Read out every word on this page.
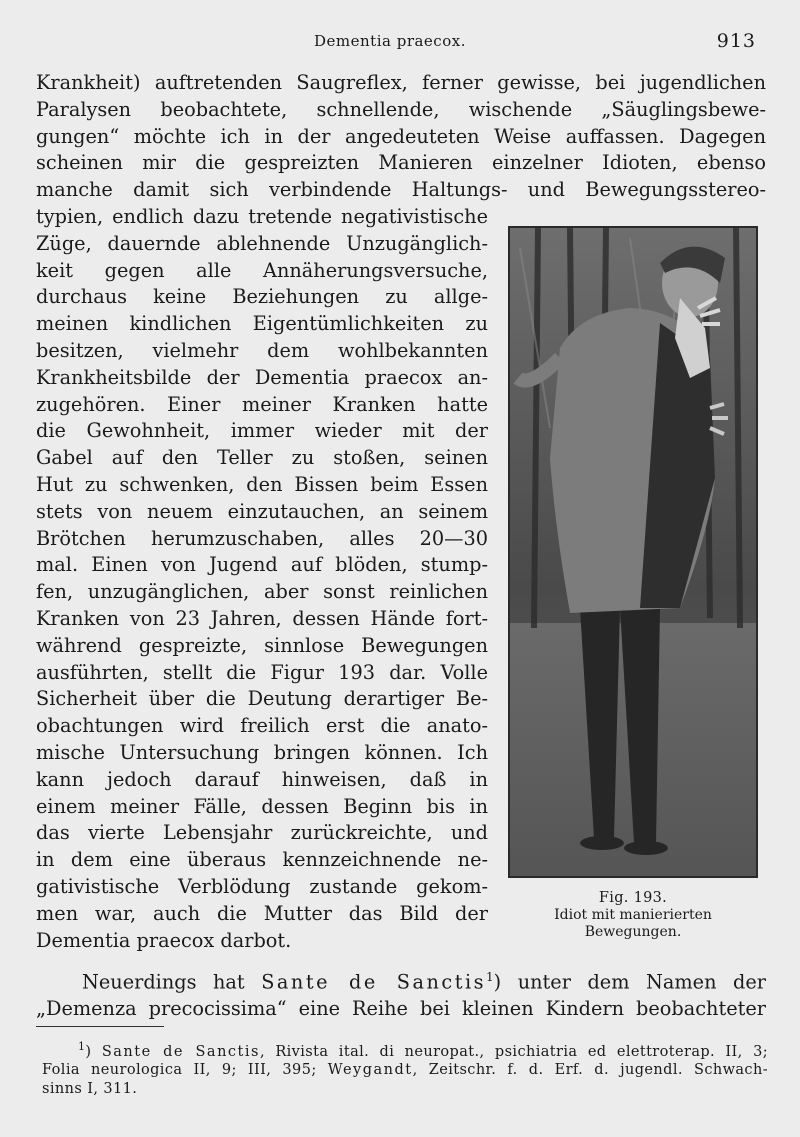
Dementia praecox.	913
Krankheit) auftretenden Saugreflex, ferner gewisse, bei jugendlichen
Paralysen beobachtete, schnellende, wischende „Säuglingsbewe-
gungen“ möchte ich in der angedeuteten Weise auffassen. Dagegen
scheinen mir die gespreizten Manieren einzelner Idioten, ebenso
manche damit sich verbindende Haltungs- und Bewegungsstereo-
typien, endlich dazu tretende negativistische
Züge, dauernde ablehnende Unzugänglich-
keit gegen alle Annäherungsversuche,
durchaus keine Beziehungen zu allge-
meinen kindlichen Eigentümlichkeiten zu
besitzen, vielmehr dem wohlbekannten
Krankheitsbilde der Dementia praecox an-
zugehören. Einer meiner Kranken hatte
die Gewohnheit, immer wieder mit der
Gabel auf den Teller zu stoßen, seinen
Hut zu schwenken, den Bissen beim Essen
stets von neuem einzutauchen, an seinem
Brötchen herumzuschaben, alles 20—30
mal. Einen von Jugend auf blöden, stump-
fen, unzugänglichen, aber sonst reinlichen
Kranken von 23 Jahren, dessen Hände fort-
während gespreizte, sinnlose Bewegungen
ausführten, stellt die Figur 193 dar. Volle
Sicherheit über die Deutung derartiger Be-
obachtungen wird freilich erst die anato-
mische Untersuchung bringen können. Ich
kann jedoch darauf hinweisen, daß in
einem meiner Fälle, dessen Beginn bis in
das vierte Lebensjahr zurückreichte, und
in dem eine überaus kennzeichnende ne-
gativistische Verblödung zustande gekom-
men war, auch die Mutter das Bild der
Dementia praecox darbot.
Fig. 193.
Idiot mit manierierten
Bewegungen.
Neuerdings hat Sante de Sanctis$^1$) unter dem Namen der
„Demenza precocissima“ eine Reihe bei kleinen Kindern beobachteter
$^1$) Sante de Sanctis, Rivista ital. di neuropat., psichiatria ed elettroterap. II, 3;
Folia neurologica II, 9; III, 395; Weygandt, Zeitschr. f. d. Erf. d. jugendl. Schwach-
sinns I, 311.
